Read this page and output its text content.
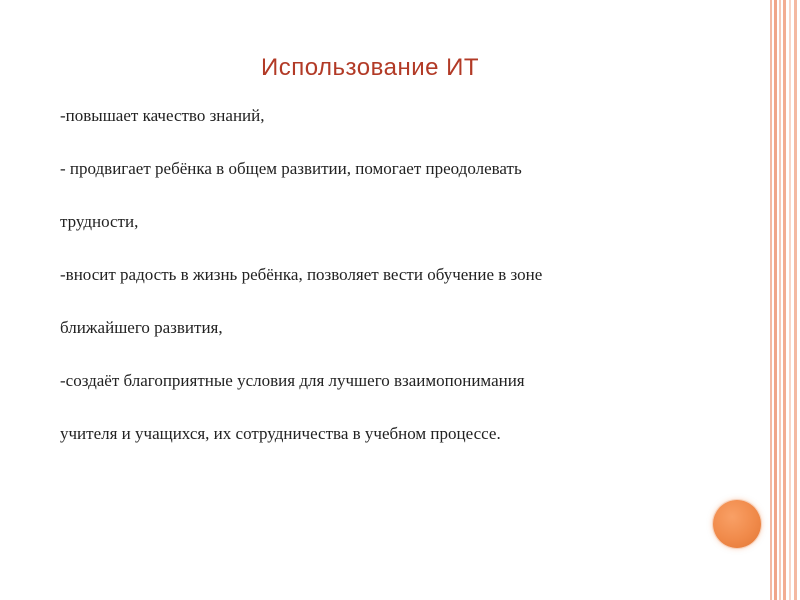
Использование ИТ
-повышает качество знаний,
- продвигает ребёнка в общем развитии, помогает преодолевать
трудности,
-вносит радость в жизнь ребёнка, позволяет вести обучение в зоне
ближайшего развития,
-создаёт благоприятные условия для лучшего взаимопонимания
учителя и учащихся, их сотрудничества в учебном процессе.
